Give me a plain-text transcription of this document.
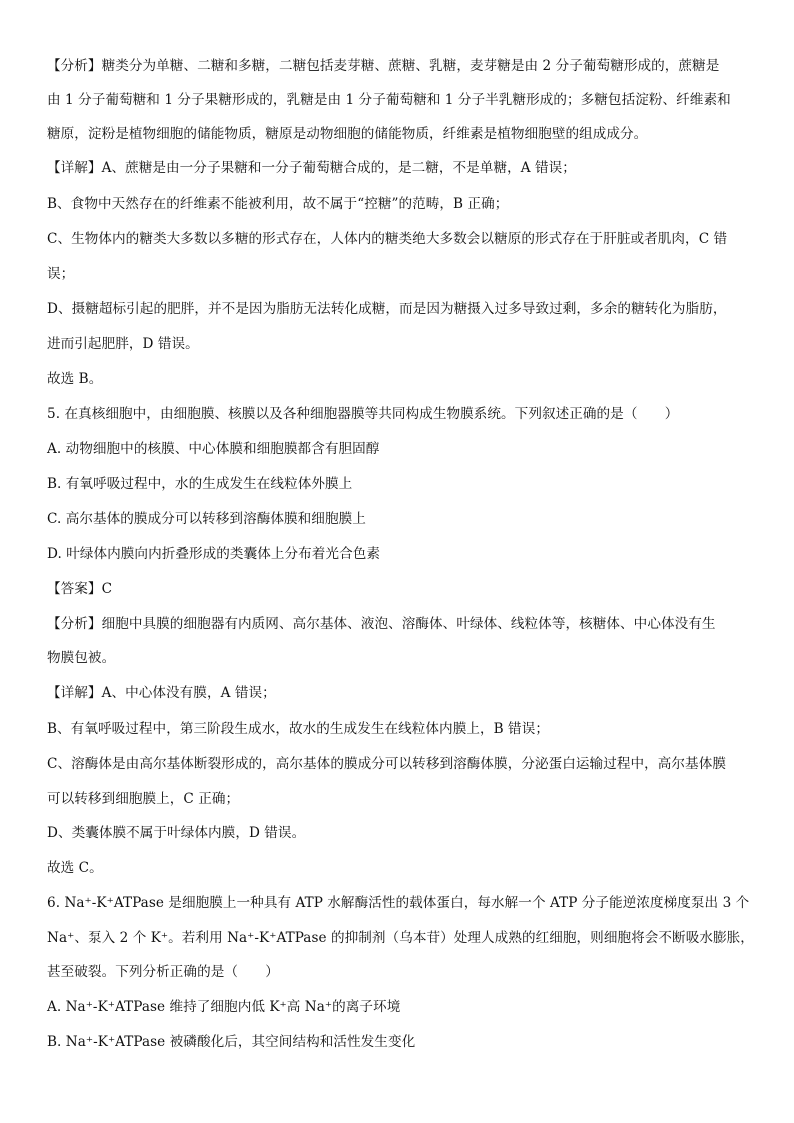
【分析】糖类分为单糖、二糖和多糖，二糖包括麦芽糖、蔗糖、乳糖，麦芽糖是由 2 分子葡萄糖形成的，蔗糖是
由 1 分子葡萄糖和 1 分子果糖形成的，乳糖是由 1 分子葡萄糖和 1 分子半乳糖形成的；多糖包括淀粉、纤维素和
糖原，淀粉是植物细胞的储能物质，糖原是动物细胞的储能物质，纤维素是植物细胞壁的组成成分。
【详解】A、蔗糖是由一分子果糖和一分子葡萄糖合成的，是二糖，不是单糖，A 错误；
B、食物中天然存在的纤维素不能被利用，故不属于“控糖”的范畴，B 正确；
C、生物体内的糖类大多数以多糖的形式存在，人体内的糖类绝大多数会以糖原的形式存在于肝脏或者肌肉，C 错
误；
D、摄糖超标引起的肥胖，并不是因为脂肪无法转化成糖，而是因为糖摄入过多导致过剩，多余的糖转化为脂肪，
进而引起肥胖，D 错误。
故选 B。
5. 在真核细胞中，由细胞膜、核膜以及各种细胞器膜等共同构成生物膜系统。下列叙述正确的是（　　）
A. 动物细胞中的核膜、中心体膜和细胞膜都含有胆固醇
B. 有氧呼吸过程中，水的生成发生在线粒体外膜上
C. 高尔基体的膜成分可以转移到溶酶体膜和细胞膜上
D. 叶绿体内膜向内折叠形成的类囊体上分布着光合色素
【答案】C
【分析】细胞中具膜的细胞器有内质网、高尔基体、液泡、溶酶体、叶绿体、线粒体等，核糖体、中心体没有生
物膜包被。
【详解】A、中心体没有膜，A 错误；
B、有氧呼吸过程中，第三阶段生成水，故水的生成发生在线粒体内膜上，B 错误；
C、溶酶体是由高尔基体断裂形成的，高尔基体的膜成分可以转移到溶酶体膜，分泌蛋白运输过程中，高尔基体膜
可以转移到细胞膜上，C 正确；
D、类囊体膜不属于叶绿体内膜，D 错误。
故选 C。
6. Na⁺-K⁺ATPase 是细胞膜上一种具有 ATP 水解酶活性的载体蛋白，每水解一个 ATP 分子能逆浓度梯度泵出 3 个
Na⁺、泵入 2 个 K⁺。若利用 Na⁺-K⁺ATPase 的抑制剂（乌本苷）处理人成熟的红细胞，则细胞将会不断吸水膨胀，
甚至破裂。下列分析正确的是（　　）
A. Na⁺-K⁺ATPase 维持了细胞内低 K⁺高 Na⁺的离子环境
B. Na⁺-K⁺ATPase 被磷酸化后，其空间结构和活性发生变化
